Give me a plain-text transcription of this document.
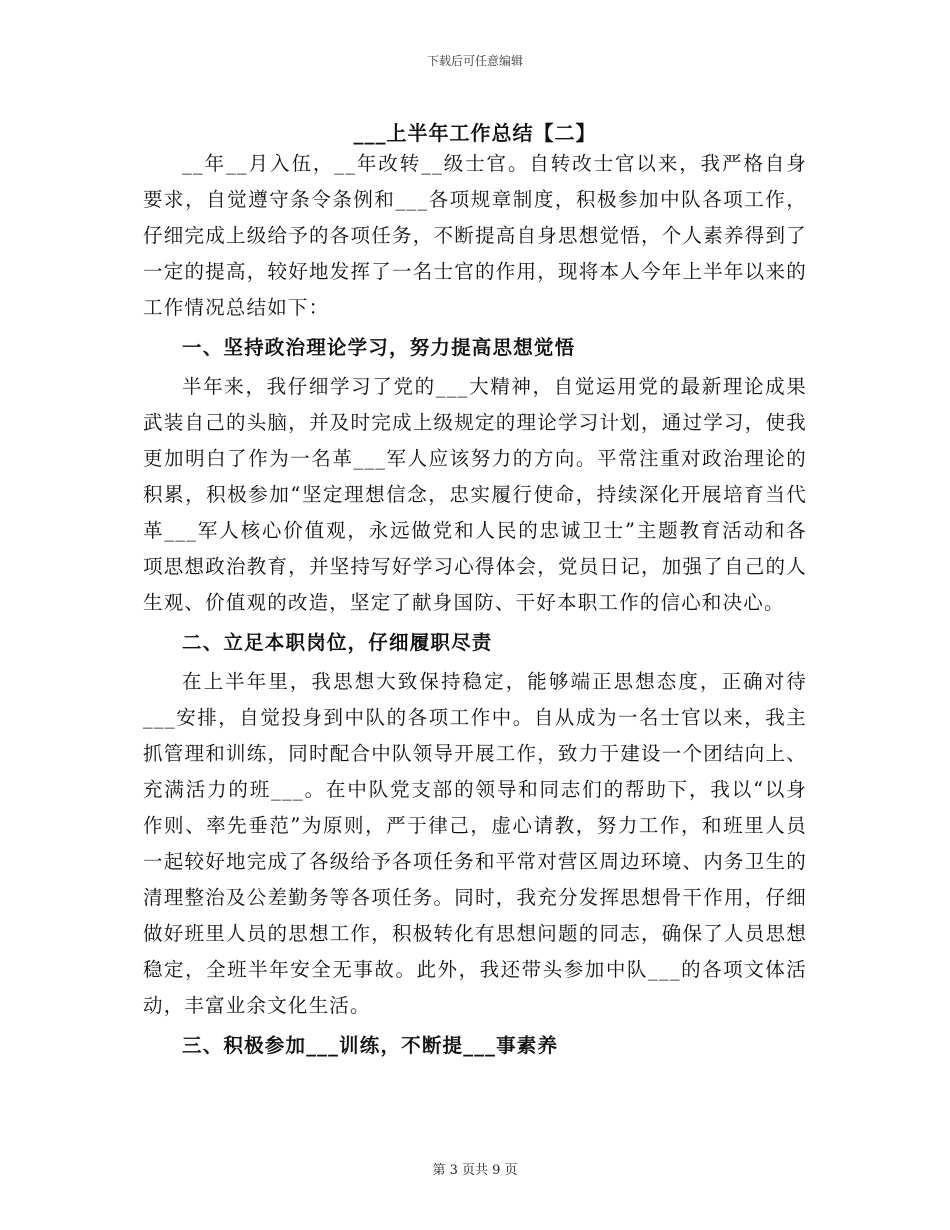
下载后可任意编辑
___上半年工作总结【二】

__年__月入伍，__年改转__级士官。自转改士官以来，我严格自身要求，自觉遵守条令条例和___各项规章制度，积极参加中队各项工作，仔细完成上级给予的各项任务，不断提高自身思想觉悟，个人素养得到了一定的提高，较好地发挥了一名士官的作用，现将本人今年上半年以来的工作情况总结如下：

一、坚持政治理论学习，努力提高思想觉悟

半年来，我仔细学习了党的___大精神，自觉运用党的最新理论成果武装自己的头脑，并及时完成上级规定的理论学习计划，通过学习，使我更加明白了作为一名革___军人应该努力的方向。平常注重对政治理论的积累，积极参加“坚定理想信念，忠实履行使命，持续深化开展培育当代革___军人核心价值观，永远做党和人民的忠诚卫士”主题教育活动和各项思想政治教育，并坚持写好学习心得体会，党员日记，加强了自己的人生观、价值观的改造，坚定了献身国防、干好本职工作的信心和决心。

二、立足本职岗位，仔细履职尽责

在上半年里，我思想大致保持稳定，能够端正思想态度，正确对待___安排，自觉投身到中队的各项工作中。自从成为一名士官以来，我主抓管理和训练，同时配合中队领导开展工作，致力于建设一个团结向上、充满活力的班___。在中队党支部的领导和同志们的帮助下，我以“以身作则、率先垂范”为原则，严于律己，虚心请教，努力工作，和班里人员一起较好地完成了各级给予各项任务和平常对营区周边环境、内务卫生的清理整治及公差勤务等各项任务。同时，我充分发挥思想骨干作用，仔细做好班里人员的思想工作，积极转化有思想问题的同志，确保了人员思想稳定，全班半年安全无事故。此外，我还带头参加中队___的各项文体活动，丰富业余文化生活。

三、积极参加___训练，不断提___事素养

第 3 页共 9 页
